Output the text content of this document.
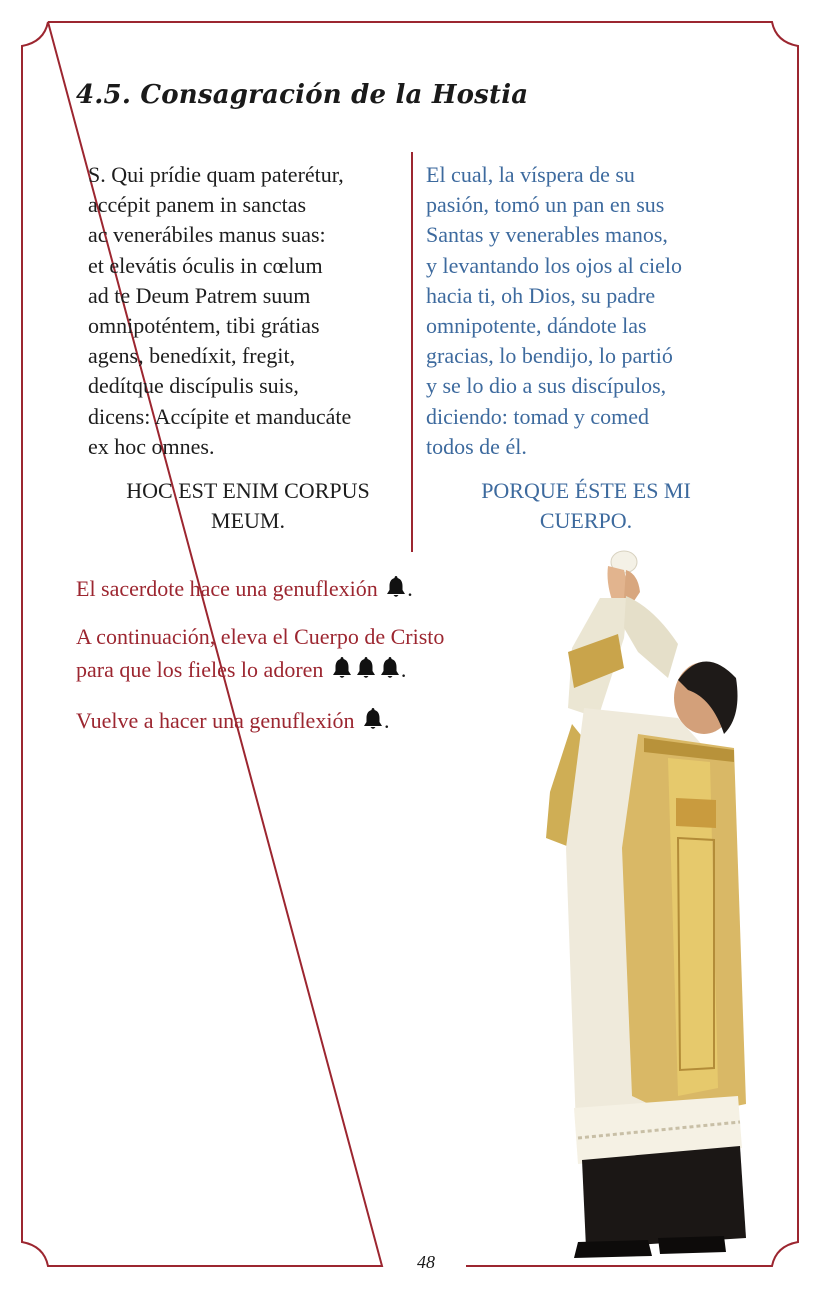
4.5. Consagración de la Hostia

S. Qui prídie quam paterétur,
accépit panem in sanctas
ac venerábiles manus suas:
et elevátis óculis in cœlum
ad te Deum Patrem suum
omnipoténtem, tibi grátias
agens, benedíxit, fregit,
dedítque discípulis suis,
dicens: Accípite et manducáte
ex hoc omnes.

HOC EST ENIM CORPUS
MEUM.

El cual, la víspera de su
pasión, tomó un pan en sus
Santas y venerables manos,
y levantando los ojos al cielo
hacia ti, oh Dios, su padre
omnipotente, dándote las
gracias, lo bendijo, lo partió
y se lo dio a sus discípulos,
diciendo: tomad y comed
todos de él.

PORQUE ÉSTE ES MI
CUERPO.

El sacerdote hace una genuflexión .

A continuación, eleva el Cuerpo de Cristo
para que los fieles lo adoren	.

Vuelve a hacer una genuflexión .

48
